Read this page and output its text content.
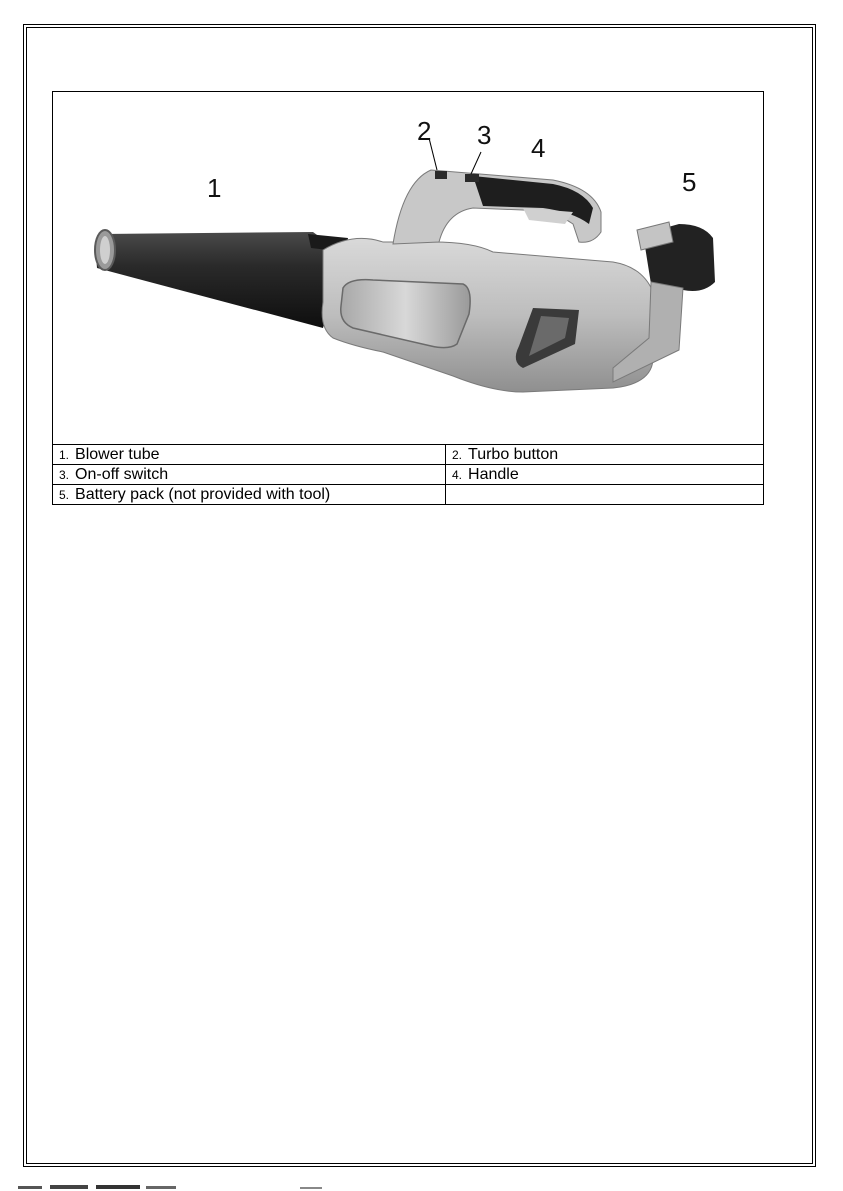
1
2 3 4
5
1. Blower tube	2. Turbo button
3. On-off switch	4. Handle
5. Battery pack (not provided with tool)	
